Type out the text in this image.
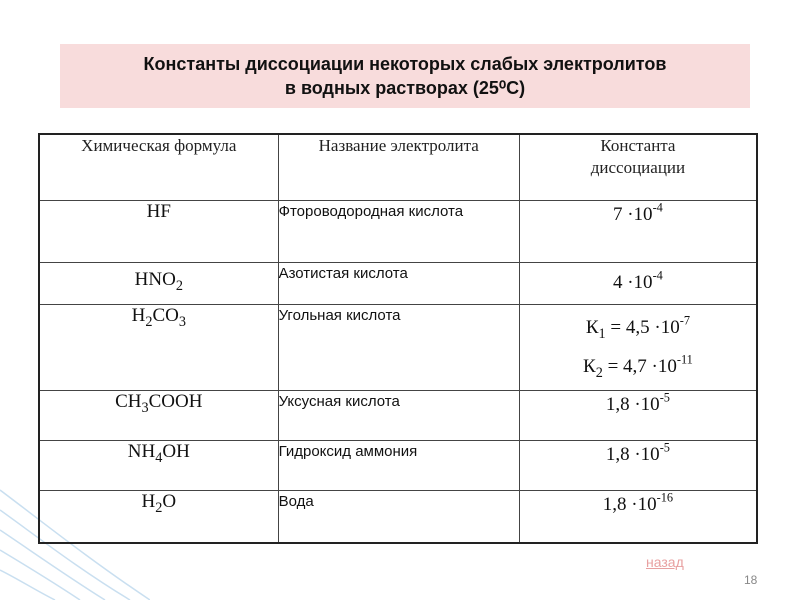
Константы диссоциации некоторых слабых электролитов
в водных растворах (25⁰С)
Химическая формула	Название электролита	Константа диссоциации
HF	Фтороводородная кислота	$7 \cdot 10^{-4}$
$HNO_2$	Азотистая кислота	$4 \cdot 10^{-4}$
$H_2CO_3$	Угольная кислота	$К_1 = 4,5 \cdot 10^{-7}$
$К_2 = 4,7 \cdot 10^{-11}$

$CH_3COOH$	Уксусная кислота	$1,8 \cdot 10^{-5}$
$NH_4OH$	Гидроксид аммония	$1,8 \cdot 10^{-5}$
$H_2O$	Вода	$1,8 \cdot 10^{-16}$
назад
18
